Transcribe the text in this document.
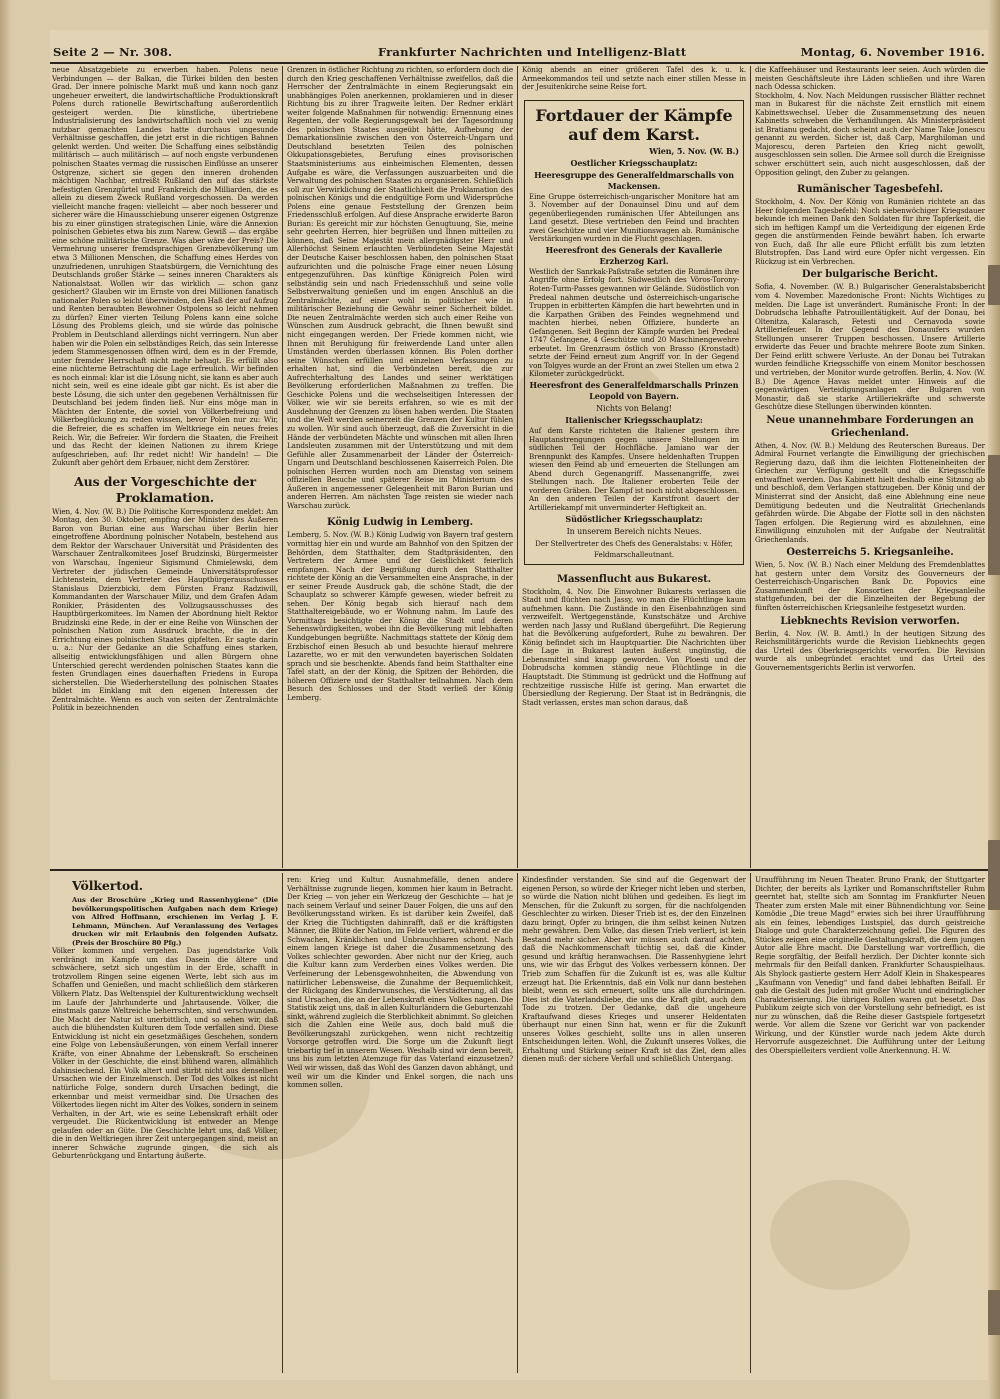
Seite 2 — Nr. 308.	Frankfurter Nachrichten und Intelligenz-Blatt	Montag, 6. November 1916.

neue Absatzgebiete zu erwerben haben. Polens neue Verbindungen — der Balkan, die Türkei bilden den besten Grad. Der innere polnische Markt muß und kann noch ganz ungeheuer erweitert, die landwirtschaftliche Produktionskraft Polens durch rationelle Bewirtschaftung außerordentlich gesteigert werden. Die künstliche, übertriebene Industrialisierung des landwirtschaftlich noch viel zu wenig nutzbar gemachten Landes hatte durchaus ungesunde Verhältnisse geschaffen, die jetzt erst in die richtigen Bahnen gelenkt werden. Und weiter. Die Schaffung eines selbständig militärisch — auch militärisch — auf noch engste verbundenen polnischen Staates vermag die russischen Einflüsse an unserer Ostgrenze, sichert sie gegen den inneren drohenden mächtigen Nachbar, entreißt Rußland den auf das stärkste befestigten Grenzgürtel und Frankreich die Milliarden, die es allein zu diesem Zweck Rußland vorgeschossen. Da werden vielleicht manche fragen: vielleicht — aber noch besserer und sicherer wäre die Hinausschiebung unserer eigenen Ostgrenze bis zu einer günstigen strategischen Linie, wäre die Annexion polnischen Gebietes etwa bis zum Narew. Gewiß — das ergäbe eine schöne militärische Grenze. Was aber wäre der Preis? Die Vermehrung unserer fremdsprachigen Grenzbevölkerung um etwa 3 Millionen Menschen, die Schaffung eines Herdes von unzufriedenen, unruhigen Staatsbürgern, die Vernichtung des Deutschlands großer Stärke — seines inneren Charakters als Nationalstaat. Wollen wir das wirklich — schon ganz gesichert? Glauben wir im Ernste von drei Millionen fanatisch nationaler Polen so leicht überwinden, den Haß der auf Aufzug und Renten beraubten Bewohner Ostpolens so leicht nehmen zu dürfen? Einer vierten Teilung Polens kann eine solche Lösung des Problems gleich, und sie würde das polnische Problem in Deutschland allerdings nicht verringern. Nun aber haben wir die Polen ein selbständiges Reich, das sein Interesse jedem Stammesgenossen öffnen wird, dem es in der Fremde, unter fremder Herrschaft nicht mehr behagt. Es erfüllt also eine nüchterne Betrachtung die Lage erfreulich. Wir befinden es noch einmal: klar ist die Lösung nicht, sie kann es aber auch nicht sein, weil es eine ideale gibt gar nicht. Es ist aber die beste Lösung, die sich unter den gegebenen Verhältnissen für Deutschland bei jedem finden ließ. Nur eins möge man in Mächten der Entente, die soviel von Völkerbefreiung und Völkerbeglückung zu reden wissen, bevor Polen nur zu: Wir, die Befreier, die es schaffen im Weltkriege ein neues freies Reich. Wir, die Befreier. Wir fordern die Staaten, die Freiheit und das Recht der kleinen Nationen zu ihrem Kriege aufgeschrieben, auf: Ihr redet nicht! Wir handeln! — Die Zukunft aber gehört dem Erbauer, nicht dem Zerstörer.

Aus der Vorgeschichte der Proklamation.

Wien, 4. Nov. (W. B.) Die Politische Korrespondenz meldet: Am Montag, den 30. Oktober, empfing der Minister des Äußeren Baron von Burian eine aus Warschau über Berlin hier eingetroffene Abordnung polnischer Notabeln, bestehend aus dem Rektor der Warschauer Universität und Präsidenten des Warschauer Zentralkomitees Josef Brudzinski, Bürgermeister von Warschau, Ingenieur Sigismund Chmielewski, dem Vertreter der jüdischen Gemeinde Universitätsprofessor Lichtenstein, dem Vertreter des Hauptbürgerausschusses Stanislaus Dzierzbicki, dem Fürsten Franz Radziwill, Kommandanten der Warschauer Miliz, und dem Grafen Adam Ronikier, Präsidenten des Vollzugsausschusses des Hauptbürgerkomitees. Im Namen der Abordnung hielt Rektor Brudzinski eine Rede, in der er eine Reihe von Wünschen der polnischen Nation zum Ausdruck brachte, die in der Errichtung eines polnischen Staates gipfelten. Er sagte darin u. a.: Nur der Gedanke an die Schaffung eines starken, allseitig entwicklungsfähigen und allen Bürgern ohne Unterschied gerecht werdenden polnischen Staates kann die festen Grundlagen eines dauerhaften Friedens in Europa sicherstellen. Die Wiederherstellung des polnischen Staates bildet im Einklang mit den eigenen Interessen der Zentralmächte. Wenn es auch von seiten der Zentralmächte Politik in bezeichnenden

Grenzen in östlicher Richtung zu richten, so erfordern doch die durch den Krieg geschaffenen Verhältnisse zweifellos, daß die Herrscher der Zentralmächte in einem Regierungsakt ein unabhängiges Polen anerkennen, proklamieren und in dieser Richtung bis zu ihrer Tragweite leiten. Der Redner erklärt weiter folgende Maßnahmen für notwendig: Ernennung eines Regenten, der volle Regierungsgewalt bei der Tagesordnung des polnischen Staates ausgeübt hätte, Aufhebung der Demarkationslinie zwischen den von Österreich-Ungarn und Deutschland besetzten Teilen des polnischen Okkupationsgebietes, Berufung eines provisorischen Staatsministeriums aus einheimischen Elementen, dessen Aufgabe es wäre, die Verfassungen auszuarbeiten und die Verwaltung des polnischen Staates zu organisieren. Schließlich soll zur Verwirklichung der Staatlichkeit die Proklamation des polnischen Königs und die endgültige Form und Widersprüche Polens eine genaue Feststellung der Grenzen beim Friedensschluß erfolgen. Auf diese Ansprache erwiderte Baron Burian: Es gereicht mir zur höchsten Genugtuung, Sie, meine sehr geehrten Herren, hier begrüßen und Ihnen mitteilen zu können, daß Seine Majestät mein allergnädigster Herr und Allerhöchst Seinem erlauchten Verbündeten Seine Majestät der Deutsche Kaiser beschlossen haben, den polnischen Staat aufzurichten und die polnische Frage einer neuen Lösung entgegenzuführen. Das künftige Königreich Polen wird selbständig sein und nach Friedensschluß und seine volle Selbstverwaltung genießen und im engen Anschluß an die Zentralmächte, auf einer wohl in politischer wie in militärischer Beziehung die Gewähr seiner Sicherheit bildet. Die neuen Zentralmächte werden sich auch einer Reihe von Wünschen zum Ausdruck gebracht, die Ihnen bewußt sind nicht eingegangen werden. Der Friede kommen nicht, wie Ihnen mit Beruhigung für freiwerdende Land unter allen Umständen werden überlassen können. Bis Polen dorther seine Wünschen erfüllen und einzelnen Verfassungen zu erhalten hat, sind die Verbündeten bereit, die zur Aufrechterhaltung des Landes und seiner werktätigen Bevölkerung erforderlichen Maßnahmen zu treffen. Die Geschicke Polens und die wechselseitigen Interessen der Völker, wie wir sie bereits erfahren, so wie es mit der Ausdehnung der Grenzen zu lösen haben werden. Die Staaten und die Welt werden seinerzeit die Grenzen der Kultur fühlen zu wollen. Wir sind auch überzeugt, daß die Zuversicht in die Hände der verbündeten Mächte und wünschen mit allen Ihren Landsleuten zusammen mit der Unterstützung und mit dem Gefühle aller Zusammenarbeit der Länder der Österreich-Ungarn und Deutschland beschlossenen Kaiserreich Polen. Die polnischen Herren wurden noch am Dienstag von seinem offiziellen Besuche und späterer Reise im Ministerium des Äußeren in angemessener Gelegenheit mit Baron Burian und anderen Herren. Am nächsten Tage reisten sie wieder nach Warschau zurück.

König Ludwig in Lemberg.

Lemberg, 5. Nov. (W. B.) König Ludwig von Bayern traf gestern vormittag hier ein und wurde am Bahnhof von den Spitzen der Behörden, dem Statthalter, dem Stadtpräsidenten, den Vertretern der Armee und der Geistlichkeit feierlich empfangen. Nach der Begrüßung durch den Statthalter richtete der König an die Versammelten eine Ansprache, in der er seiner Freude Ausdruck gab, die schöne Stadt, die der Schauplatz so schwerer Kämpfe gewesen, wieder befreit zu sehen. Der König begab sich hierauf nach dem Statthaltereigebäude, wo er Wohnung nahm. Im Laufe des Vormittags besichtigte der König die Stadt und deren Sehenswürdigkeiten, wobei ihn die Bevölkerung mit lebhaften Kundgebungen begrüßte. Nachmittags stattete der König dem Erzbischof einen Besuch ab und besuchte hierauf mehrere Lazarette, wo er mit den verwundeten bayerischen Soldaten sprach und sie beschenkte. Abends fand beim Statthalter eine Tafel statt, an der der König, die Spitzen der Behörden, die höheren Offiziere und der Statthalter teilnahmen. Nach dem Besuch des Schlosses und der Stadt verließ der König Lemberg.

König abends an einer größeren Tafel des k. u. k. Armeekommandos teil und setzte nach einer stillen Messe in der Jesuitenkirche seine Reise fort.

Fortdauer der Kämpfe auf dem Karst.
Wien, 5. Nov. (W. B.)
Oestlicher Kriegsschauplatz:
Heeresgruppe des Generalfeldmarschalls von Mackensen.

Eine Gruppe österreichisch-ungarischer Monitore hat am 3. November auf der Donauinsel Dinu und auf dem gegenüberliegenden rumänischen Ufer Abteilungen ans Land gesetzt. Diese vertrieben den Feind und brachten zwei Geschütze und vier Munitionswagen ab. Rumänische Verstärkungen wurden in die Flucht geschlagen.

Heeresfront des Generals der Kavallerie Erzherzog Karl.

Westlich der Sanrkak-Paßstraße setzten die Rumänen ihre Angriffe ohne Erfolg fort. Südwestlich des Vöros-Torony-Roten-Turm-Passes gewannen wir Gelände. Südöstlich von Predeal nahmen deutsche und österreichisch-ungarische Truppen in erbitterten Kämpfen die hart bewehrten und in die Karpathen Gräben des Feindes wegnehmend und machten hierbei, neben Offiziere, hunderte an Gefangenen. Seit Beginn der Kämpfe wurden bei Predeal 1747 Gefangene, 4 Geschütze und 20 Maschinengewehre erbeutet. Im Grenzraum östlich von Brasso (Kronstadt) setzte der Feind erneut zum Angriff vor. In der Gegend von Tolgyes wurde an der Front an zwei Stellen um etwa 2 Kilometer zurückgedrückt.

Heeresfront des Generalfeldmarschalls Prinzen Leopold von Bayern.
Nichts von Belang!
Italienischer Kriegsschauplatz:

Auf dem Karste richteten die Italiener gestern ihre Hauptanstrengungen gegen unsere Stellungen im südlichen Teil der Hochfläche. Jamiano war der Brennpunkt des Kampfes. Unsere heldenhaften Truppen wiesen den Feind ab und erneuerten die Stellungen am Abend durch Gegenangriff. Massenangriffe, zwei Stellungen nach. Die Italiener eroberten Teile der vorderen Gräben. Der Kampf ist noch nicht abgeschlossen. An den anderen Teilen der Karstfront dauert der Artilleriekampf mit unverminderter Heftigkeit an.

Südöstlicher Kriegsschauplatz:
In unserem Bereich nichts Neues.
Der Stellvertreter des Chefs des Generalstabs: v. Höfer, Feldmarschalleutnant.
Massenflucht aus Bukarest.

Stockholm, 4. Nov. Die Einwohner Bukarests verlassen die Stadt und flüchten nach Jassy, wo man die Flüchtlinge kaum aufnehmen kann. Die Zustände in den Eisenbahnzügen sind verzweifelt. Wertgegenstände, Kunstschätze und Archive werden nach Jassy und Rußland übergeführt. Die Regierung hat die Bevölkerung aufgefordert, Ruhe zu bewahren. Der König befindet sich im Hauptquartier. Die Nachrichten über die Lage in Bukarest lauten äußerst ungünstig, die Lebensmittel sind knapp geworden. Von Ploesti und der Dobrudscha kommen ständig neue Flüchtlinge in die Hauptstadt. Die Stimmung ist gedrückt und die Hoffnung auf rechtzeitige russische Hilfe ist gering. Man erwartet die Übersiedlung der Regierung. Der Staat ist in Bedrängnis, die Stadt verlassen, erstes man schon daraus, daß

die Kaffeehäuser und Restaurants leer seien. Auch würden die meisten Geschäftsleute ihre Läden schließen und ihre Waren nach Odessa schicken.

Stockholm, 4. Nov. Nach Meldungen russischer Blätter rechnet man in Bukarest für die nächste Zeit ernstlich mit einem Kabinettswechsel. Ueber die Zusammensetzung des neuen Kabinetts schweben die Verhandlungen. Als Ministerpräsident ist Bratianu gedacht, doch scheint auch der Name Take Jonescu genannt zu werden. Sicher ist, daß Carp, Marghiloman und Majorescu, deren Parteien den Krieg nicht gewollt, ausgeschlossen sein sollen. Die Armee soll durch die Ereignisse schwer erschüttert sein, auch nicht ausgeschlossen, daß der Opposition gelingt, den Zuber zu gelangen.

Rumänischer Tagesbefehl.

Stockholm, 4. Nov. Der König von Rumänien richtete an das Heer folgenden Tagesbefehl: Noch siebenwöchiger Kriegsdauer bekunde ich meinen Dank den Soldaten für ihre Tapferkeit, die sich im heftigen Kampf um die Verteidigung der eigenen Erde gegen die anstürmenden Feinde bewährt haben. Ich erwarte von Euch, daß Ihr alle eure Pflicht erfüllt bis zum letzten Blutstropfen. Das Land wird eure Opfer nicht vergessen. Ein Rückzug ist ein Verbrechen.

Der bulgarische Bericht.

Sofia, 4. November. (W. B.) Bulgarischer Generalstabsbericht vom 4. November. Mazedonische Front: Nichts Wichtiges zu melden. Die Lage ist unverändert. Rumänische Front: In der Dobrudscha lebhafte Patrouillentätigkeit. Auf der Donau, bei Oltenitza, Kalarasch, Fetesti und Cernavoda sowie Artilleriefeuer. In der Gegend des Donauufers wurden Stellungen unserer Truppen beschossen. Unsere Artillerie erwiderte das Feuer und brachte mehrere Boote zum Sinken. Der Feind erlitt schwere Verluste. An der Donau bei Tutrakan wurden feindliche Kriegsschiffe von einem Monitor beschossen und vertrieben, der Monitor wurde getroffen. Berlin, 4. Nov. (W. B.) Die Agence Havas meldet unter Hinweis auf die gegenwärtigen Verteidigungsanlagen der Bulgaren von Monastir, daß sie starke Artilleriekräfte und schwerste Geschütze diese Stellungen überwinden könnten.

Neue unannehmbare Forderungen an Griechenland.

Athen, 4. Nov. (W. B.) Meldung des Reuterschen Bureaus. Der Admiral Fournet verlangte die Einwilligung der griechischen Regierung dazu, daß ihm die leichten Flotteneinheiten der Griechen zur Verfügung gestellt und die Kriegsschiffe entwaffnet werden. Das Kabinett hielt deshalb eine Sitzung ab und beschloß, dem Verlangen stattzugeben. Der König und der Ministerrat sind der Ansicht, daß eine Ablehnung eine neue Demütigung bedeuten und die Neutralität Griechenlands gefährden würde. Die Abgabe der Flotte soll in den nächsten Tagen erfolgen. Die Regierung wird es abzulehnen, eine Einwilligung einzuholen mit der Aufgabe der Neutralität Griechenlands.

Oesterreichs 5. Kriegsanleihe.

Wien, 5. Nov. (W. B.) Nach einer Meldung des Fremdenblattes hat gestern unter dem Vorsitz des Gouverneurs der Oesterreichisch-Ungarischen Bank Dr. Popovics eine Zusammenkunft der Konsortien der Kriegsanleihe stattgefunden, bei der die Einzelheiten der Begebung der fünften österreichischen Kriegsanleihe festgesetzt wurden.

Liebknechts Revision verworfen.

Berlin, 4. Nov. (W. B. Amtl.) In der heutigen Sitzung des Reichsmilitärgerichts wurde die Revision Liebknechts gegen das Urteil des Oberkriegsgerichts verworfen. Die Revision wurde als unbegründet erachtet und das Urteil des Gouvernementsgerichts Berlin ist verworfen.

Völkertod.

Aus der Broschüre „Krieg und Rassenhygiene“ (Die bevölkerungspolitischen Aufgaben nach dem Kriege) von Alfred Hoffmann, erschienen im Verlag J. F. Lehmann, München. Auf Veranlassung des Verlages drucken wir mit Erlaubnis den folgenden Aufsatz. (Preis der Broschüre 80 Pfg.)

Völker kommen und vergehen. Das jugendstarke Volk verdrängt im Kampfe um das Dasein die ältere und schwächere, setzt sich ungestüm in der Erde, schafft in trotzvollem Ringen seine eigenen Werte, lebt sich aus im Schaffen und Genießen, und macht schließlich dem stärkeren Völkern Platz. Das Weltenspiel der Kulturentwicklung wechselt im Laufe der Jahrhunderte und Jahrtausende. Völker, die einstmals ganze Weltreiche beherrschten, sind verschwunden. Die Macht der Natur ist unerbittlich, und so sehen wir, daß auch die blühendsten Kulturen dem Tode verfallen sind. Diese Entwicklung ist nicht ein gesetzmäßiges Geschehen, sondern eine Folge von Lebensäußerungen, von einem Verfall innerer Kräfte, von einer Abnahme der Lebenskraft. So erscheinen Völker in der Geschichte, die einst blühend waren, allmählich dahinsiechend. Ein Volk altert und stirbt nicht aus denselben Ursachen wie der Einzelmensch. Der Tod des Volkes ist nicht natürliche Folge, sondern durch Ursachen bedingt, die erkennbar und meist vermeidbar sind. Die Ursachen des Völkertodes liegen nicht im Alter des Volkes, sondern in seinem Verhalten, in der Art, wie es seine Lebenskraft erhält oder vergeudet. Die Rückentwicklung ist entweder an Menge gelaufen oder an Güte. Die Geschichte lehrt uns, daß Völker, die in den Weltkriegen ihrer Zeit untergegangen sind, meist an innerer Schwäche zugrunde gingen, die sich als Geburtenrückgang und Entartung äußerte.

ren: Krieg und Kultur. Ausnahmefälle, denen andere Verhältnisse zugrunde liegen, kommen hier kaum in Betracht. Der Krieg — von jeher ein Werkzeug der Geschichte — hat je nach seinem Verlauf und seiner Dauer Folgen, die uns auf den Bevölkerungsstand wirken. Es ist darüber kein Zweifel, daß der Krieg die Tüchtigsten dahinrafft, daß er die kräftigsten Männer, die Blüte der Nation, im Felde verliert, während er die Schwachen, Kränklichen und Unbrauchbaren schont. Nach einem langen Kriege ist daher die Zusammensetzung des Volkes schlechter geworden. Aber nicht nur der Krieg, auch die Kultur kann zum Verderben eines Volkes werden. Die Verfeinerung der Lebensgewohnheiten, die Abwendung von natürlicher Lebensweise, die Zunahme der Bequemlichkeit, der Rückgang des Kinderwunsches, die Verstädterung, all das sind Ursachen, die an der Lebenskraft eines Volkes nagen. Die Statistik zeigt uns, daß in allen Kulturländern die Geburtenzahl sinkt, während zugleich die Sterblichkeit abnimmt. So gleichen sich die Zahlen eine Weile aus, doch bald muß die Bevölkerungszahl zurückgehen, wenn nicht rechtzeitig Vorsorge getroffen wird. Die Sorge um die Zukunft liegt triebartig tief in unserem Wesen. Weshalb sind wir denn bereit, uns bis zum letzten Atemzuge für das Vaterland einzusetzen? Weil wir wissen, daß das Wohl des Ganzen davon abhängt, und weil wir um die Kinder und Enkel sorgen, die nach uns kommen sollen.

Kindesfinder verstanden. Sie sind auf die Gegenwart der eigenen Person, so würde der Krieger nicht leben und sterben, so würde die Nation nicht blühen und gedeihen. Es liegt im Menschen, für die Zukunft zu sorgen, für die nachfolgenden Geschlechter zu wirken. Dieser Trieb ist es, der den Einzelnen dazu bringt, Opfer zu bringen, die ihm selbst keinen Nutzen mehr gewähren. Dem Volke, das diesen Trieb verliert, ist kein Bestand mehr sicher. Aber wir müssen auch darauf achten, daß die Nachkommenschaft tüchtig sei, daß die Kinder gesund und kräftig heranwachsen. Die Rassenhygiene lehrt uns, wie wir das Erbgut des Volkes verbessern können. Der Trieb zum Schaffen für die Zukunft ist es, was alle Kultur erzeugt hat. Die Erkenntnis, daß ein Volk nur dann bestehen bleibt, wenn es sich erneuert, sollte uns alle durchdringen. Dies ist die Vaterlandsliebe, die uns die Kraft gibt, auch dem Tode zu trotzen. Der Gedanke, daß die ungeheure Kraftaufwand dieses Krieges und unserer Heldentaten überhaupt nur einen Sinn hat, wenn er für die Zukunft unseres Volkes geschieht, sollte uns in allen unseren Entscheidungen leiten. Wohl, die Zukunft unseres Volkes, die Erhaltung und Stärkung seiner Kraft ist das Ziel, dem alles dienen muß: der sichere Verfall und schließlich Untergang.

Uraufführung im Neuen Theater. Bruno Frank, der Stuttgarter Dichter, der bereits als Lyriker und Romanschriftsteller Ruhm geerntet hat, stellte sich am Sonntag im Frankfurter Neuen Theater zum ersten Male mit einer Bühnendichtung vor. Seine Komödie „Die treue Magd“ erwies sich bei ihrer Uraufführung als ein feines, lebendiges Lustspiel, das durch geistreiche Dialoge und gute Charakterzeichnung gefiel. Die Figuren des Stückes zeigen eine originelle Gestaltungskraft, die dem jungen Autor alle Ehre macht. Die Darstellung war vortrefflich, die Regie sorgfältig, der Beifall herzlich. Der Dichter konnte sich mehrmals für den Beifall danken. Frankfurter Schauspielhaus. Als Shylock gastierte gestern Herr Adolf Klein in Shakespeares „Kaufmann von Venedig“ und fand dabei lebhaften Beifall. Er gab die Gestalt des Juden mit großer Wucht und eindringlicher Charakterisierung. Die übrigen Rollen waren gut besetzt. Das Publikum zeigte sich von der Vorstellung sehr befriedigt, es ist nur zu wünschen, daß die Reihe dieser Gastspiele fortgesetzt werde. Vor allem die Szene vor Gericht war von packender Wirkung, und der Künstler wurde nach jedem Akte durch Hervorrufe ausgezeichnet. Die Aufführung unter der Leitung des Oberspielleiters verdient volle Anerkennung. H. W.
